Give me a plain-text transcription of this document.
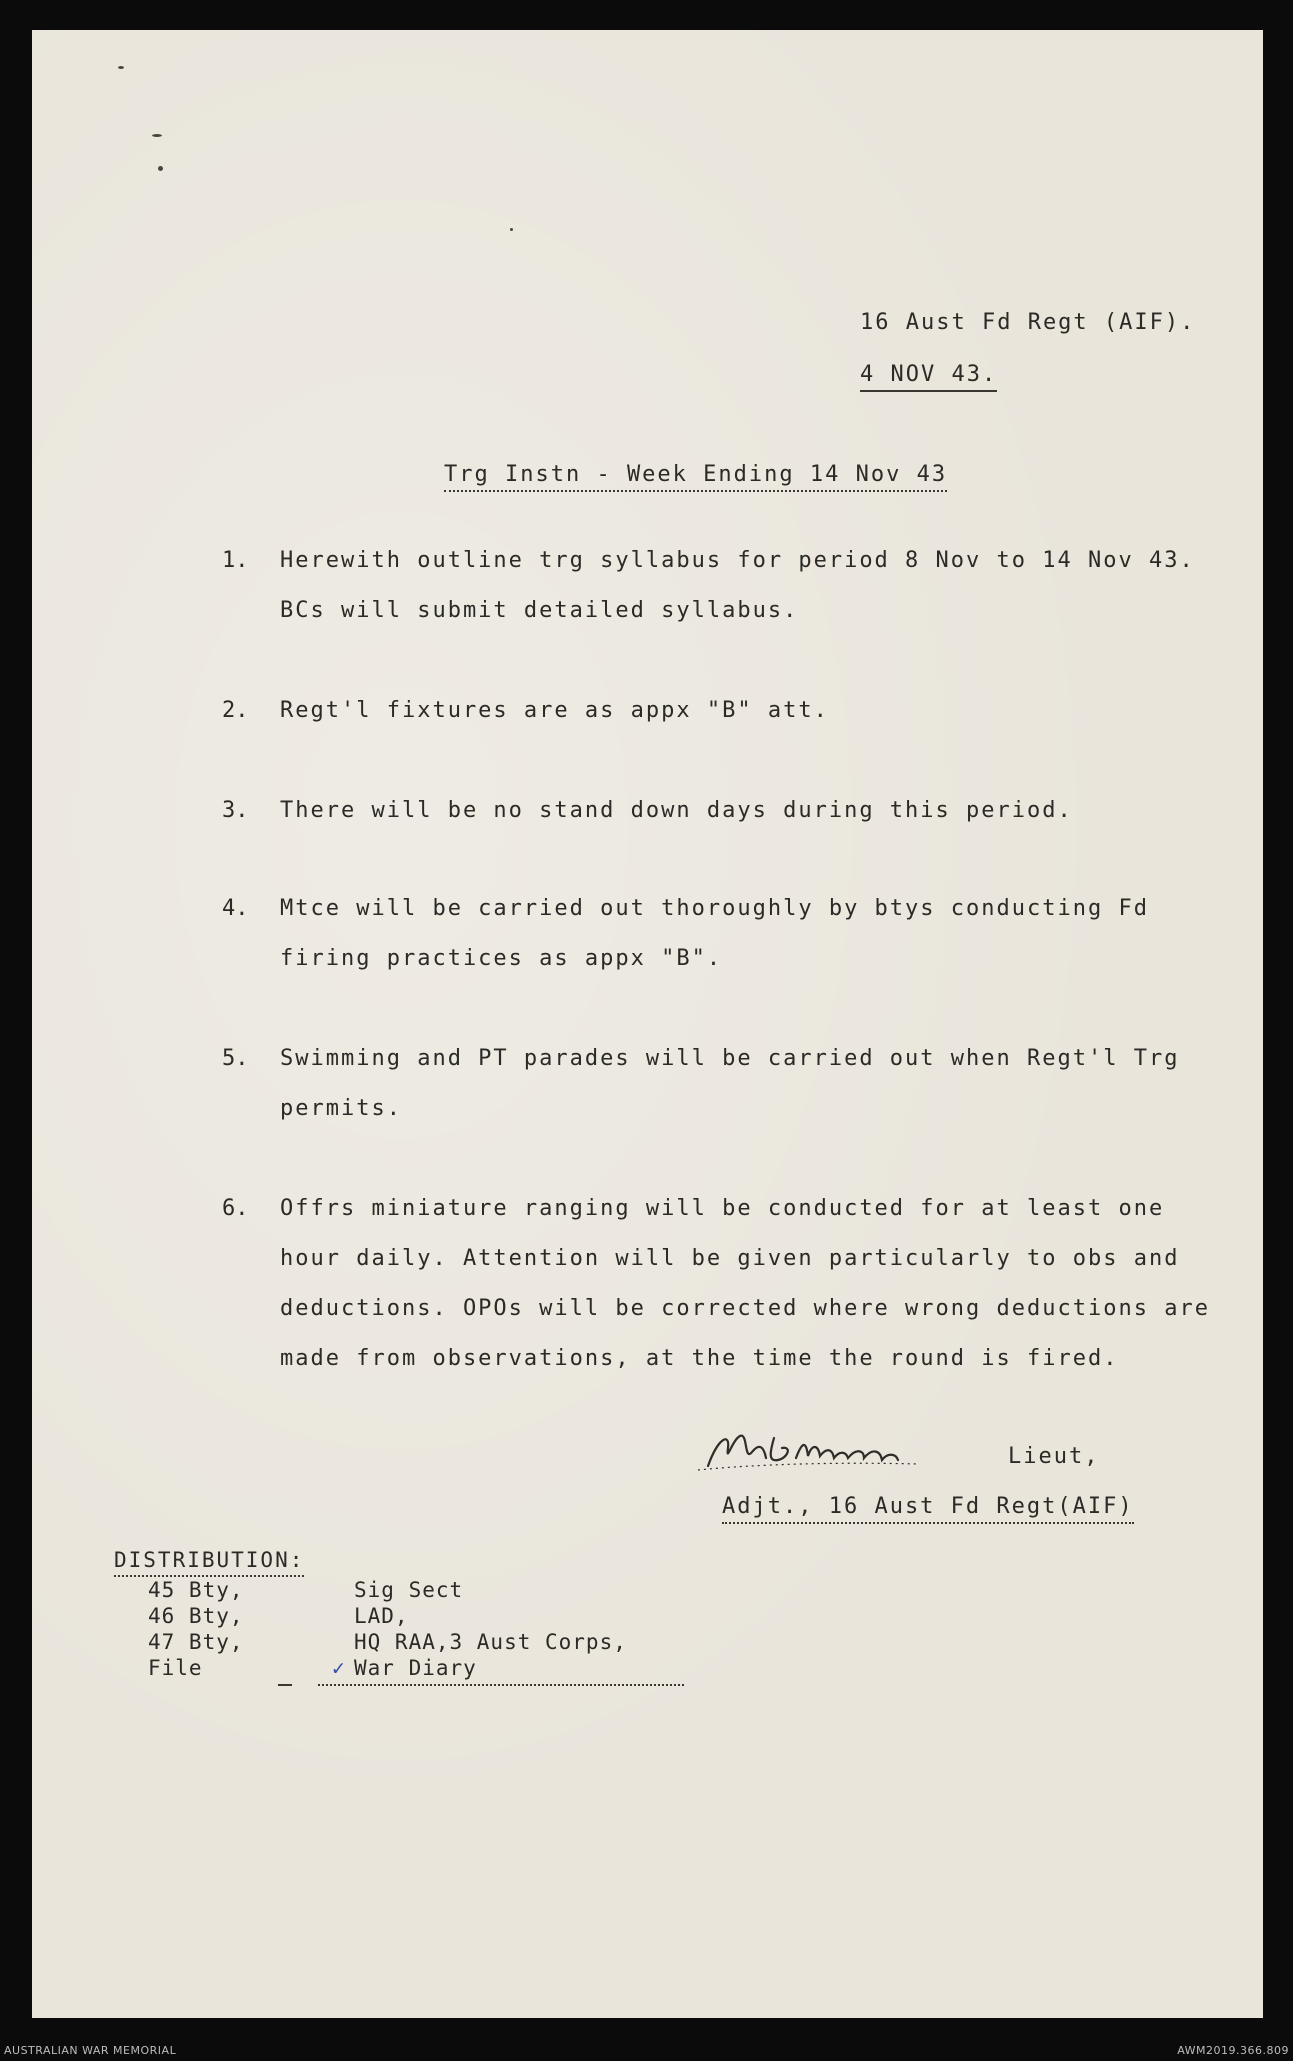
16 Aust Fd Regt (AIF).
4 NOV 43.
Trg Instn - Week Ending 14 Nov 43
1. Herewith outline trg syllabus for period 8 Nov to 14 Nov 43.
BCs will submit detailed syllabus.
2. Regt'l fixtures are as appx "B" att.
3. There will be no stand down days during this period.
4. Mtce will be carried out thoroughly by btys conducting Fd
firing practices as appx "B".
5. Swimming and PT parades will be carried out when Regt'l Trg
permits.
6. Offrs miniature ranging will be conducted for at least one
hour daily. Attention will be given particularly to obs and
deductions. OPOs will be corrected where wrong deductions are
made from observations, at the time the round is fired.
Lieut,
Adjt., 16 Aust Fd Regt(AIF)
DISTRIBUTION:
45 Bty,
46 Bty,
47 Bty,
File
Sig Sect
LAD,
HQ RAA,3 Aust Corps,
✓ War Diary
AUSTRALIAN WAR MEMORIAL	AWM2019.366.809
